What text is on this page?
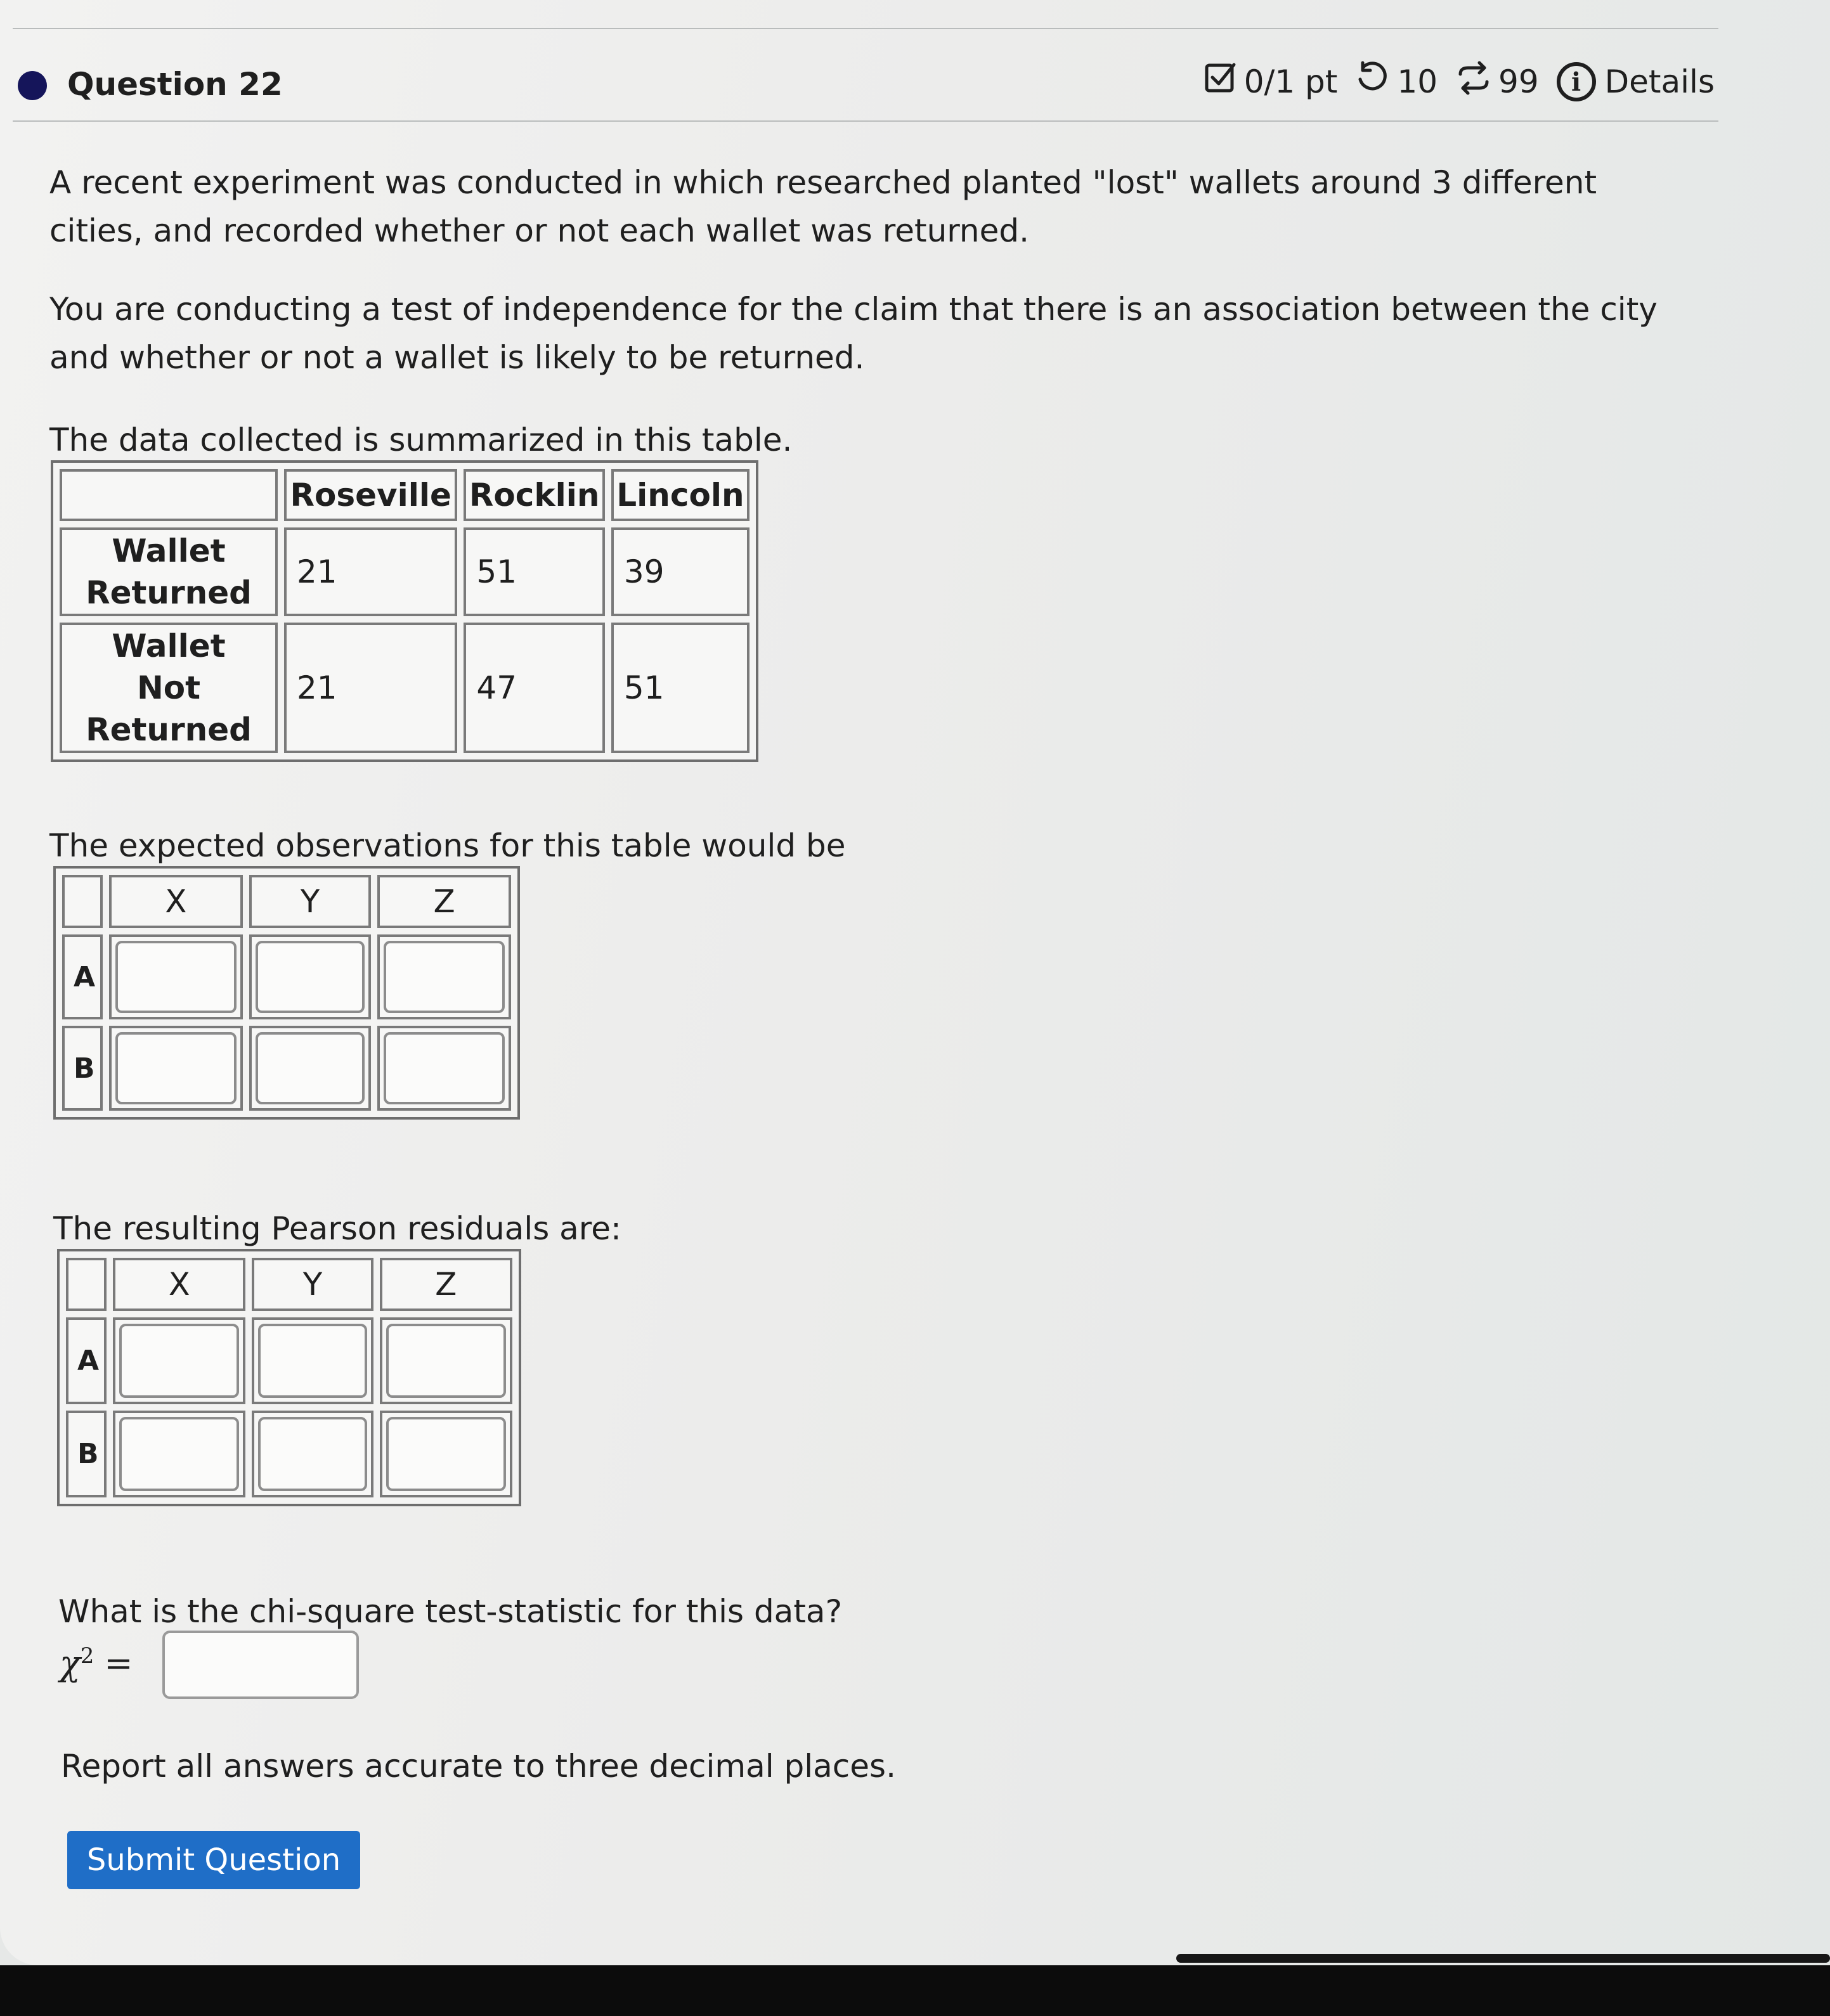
Question 22	0/1 pt 10 99	i Details
A recent experiment was conducted in which researched planted "lost" wallets around 3 different cities, and recorded whether or not each wallet was returned.
You are conducting a test of independence for the claim that there is an association between the city and whether or not a wallet is likely to be returned.
The data collected is summarized in this table.
	Roseville	Rocklin	Lincoln

Wallet
Returned	21	51	39

Wallet
Not Returned	21	47	51
The expected observations for this table would be
	X	Y	Z
A	

B	

The resulting Pearson residuals are:
	X	Y	Z
A	

B	

What is the chi-square test-statistic for this data?
$\chi^2$ =
Report all answers accurate to three decimal places.
Submit Question
